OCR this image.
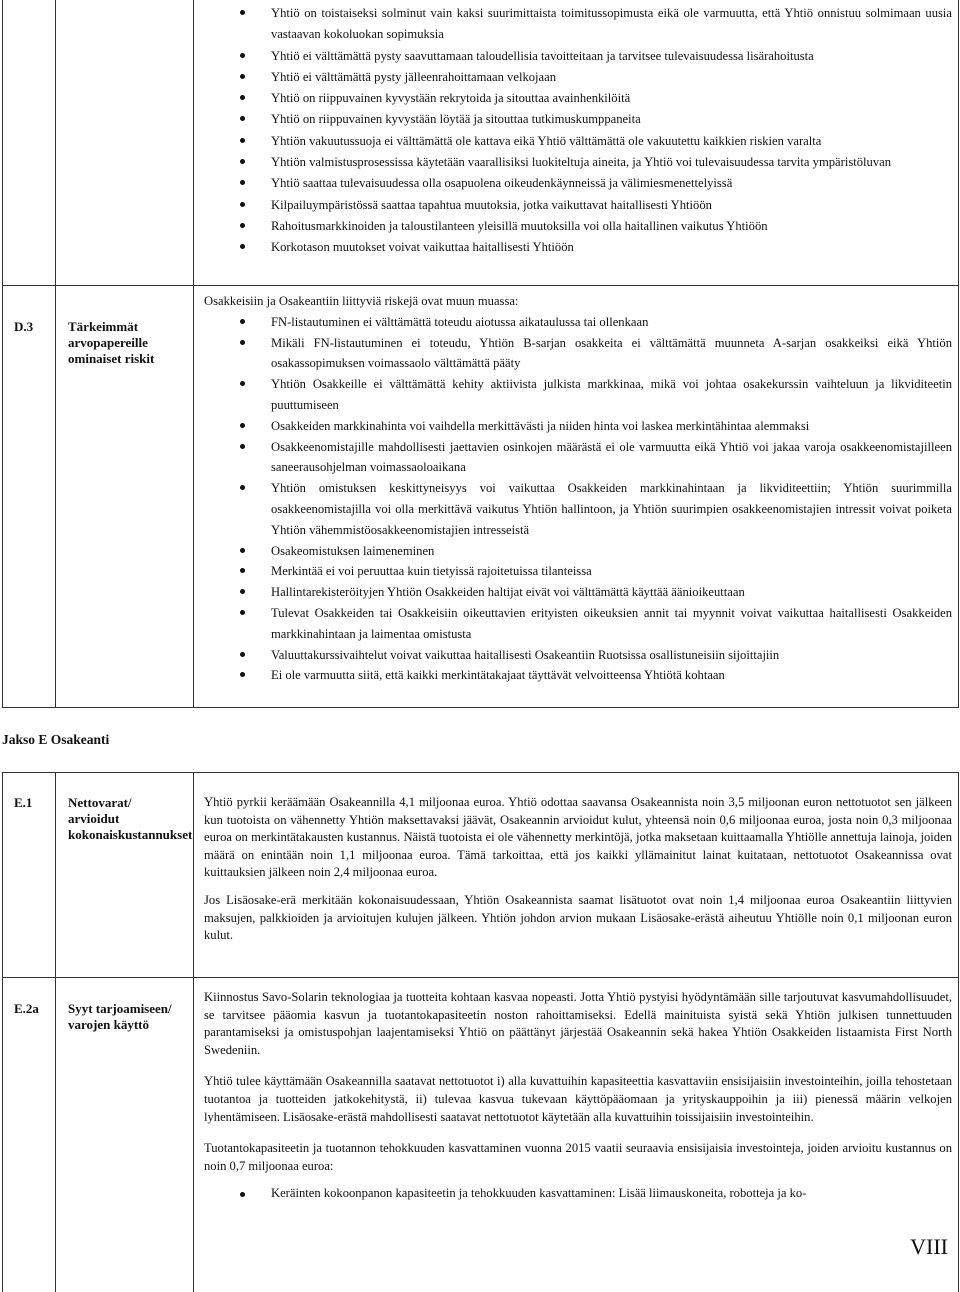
Yhtiö on toistaiseksi solminut vain kaksi suurimittaista toimitussopimusta eikä ole varmuutta, että Yhtiö onnistuu solmimaan uusia vastaavan kokoluokan sopimuksia
Yhtiö ei välttämättä pysty saavuttamaan taloudellisia tavoitteitaan ja tarvitsee tulevaisuudessa lisärahoitusta
Yhtiö ei välttämättä pysty jälleenrahoittamaan velkojaan
Yhtiö on riippuvainen kyvystään rekrytoida ja sitouttaa avainhenkilöitä
Yhtiö on riippuvainen kyvystään löytää ja sitouttaa tutkimuskumppaneita
Yhtiön vakuutussuoja ei välttämättä ole kattava eikä Yhtiö välttämättä ole vakuutettu kaikkien riskien varalta
Yhtiön valmistusprosessissa käytetään vaarallisiksi luokiteltuja aineita, ja Yhtiö voi tulevaisuudessa tarvita ympäristöluvan
Yhtiö saattaa tulevaisuudessa olla osapuolena oikeudenkäynneissä ja välimiesmenettelyissä
Kilpailuympäristössä saattaa tapahtua muutoksia, jotka vaikuttavat haitallisesti Yhtiöön
Rahoitusmarkkinoiden ja taloustilanteen yleisillä muutoksilla voi olla haitallinen vaikutus Yhtiöön
Korkotason muutokset voivat vaikuttaa haitallisesti Yhtiöön
D.3	Tärkeimmät arvopapereille ominaiset riskit

Osakkeisiin ja Osakeantiin liittyviä riskejä ovat muun muassa:

FN-listautuminen ei välttämättä toteudu aiotussa aikataulussa tai ollenkaan
Mikäli FN-listautuminen ei toteudu, Yhtiön B-sarjan osakkeita ei välttämättä muunneta A-sarjan osakkeiksi eikä Yhtiön osakassopimuksen voimassaolo välttämättä pääty
Yhtiön Osakkeille ei välttämättä kehity aktiivista julkista markkinaa, mikä voi johtaa osakekurssin vaihteluun ja likviditeetin puuttumiseen
Osakkeiden markkinahinta voi vaihdella merkittävästi ja niiden hinta voi laskea merkintähintaa alemmaksi
Osakkeenomistajille mahdollisesti jaettavien osinkojen määrästä ei ole varmuutta eikä Yhtiö voi jakaa varoja osakkeenomistajilleen saneerausohjelman voimassaoloaikana
Yhtiön omistuksen keskittyneisyys voi vaikuttaa Osakkeiden markkinahintaan ja likviditeettiin; Yhtiön suurimmilla osakkeenomistajilla voi olla merkittävä vaikutus Yhtiön hallintoon, ja Yhtiön suurimpien osakkeenomistajien intressit voivat poiketa Yhtiön vähemmistöosakkeenomistajien intresseistä
Osakeomistuksen laimeneminen
Merkintää ei voi peruuttaa kuin tietyissä rajoitetuissa tilanteissa
Hallintarekisteröityjen Yhtiön Osakkeiden haltijat eivät voi välttämättä käyttää äänioikeuttaan
Tulevat Osakkeiden tai Osakkeisiin oikeuttavien erityisten oikeuksien annit tai myynnit voivat vaikuttaa haitallisesti Osakkeiden markkinahintaan ja laimentaa omistusta
Valuuttakurssivaihtelut voivat vaikuttaa haitallisesti Osakeantiin Ruotsissa osallistuneisiin sijoittajiin
Ei ole varmuutta siitä, että kaikki merkintätakajaat täyttävät velvoitteensa Yhtiötä kohtaan
Jakso E Osakeanti
E.1	Nettovarat/ arvioidut kokonaiskustannukset

Yhtiö pyrkii keräämään Osakeannilla 4,1 miljoonaa euroa. Yhtiö odottaa saavansa Osakeannista noin 3,5 miljoonan euron nettotuotot sen jälkeen kun tuotoista on vähennetty Yhtiön maksettavaksi jäävät, Osakeannin arvioidut kulut, yhteensä noin 0,6 miljoonaa euroa, josta noin 0,3 miljoonaa euroa on merkintätakausten kustannus. Näistä tuotoista ei ole vähennetty merkintöjä, jotka maksetaan kuittaamalla Yhtiölle annettuja lainoja, joiden määrä on enintään noin 1,1 miljoonaa euroa. Tämä tarkoittaa, että jos kaikki yllämainitut lainat kuitataan, nettotuotot Osakeannissa ovat kuittauksien jälkeen noin 2,4 miljoonaa euroa.

Jos Lisäosake-erä merkitään kokonaisuudessaan, Yhtiön Osakeannista saamat lisätuotot ovat noin 1,4 miljoonaa euroa Osakeantiin liittyvien maksujen, palkkioiden ja arvioitujen kulujen jälkeen. Yhtiön johdon arvion mukaan Lisäosake-erästä aiheutuu Yhtiölle noin 0,1 miljoonan euron kulut.

E.2a Syyt tarjoamiseen/ varojen käyttö

Kiinnostus Savo-Solarin teknologiaa ja tuotteita kohtaan kasvaa nopeasti. Jotta Yhtiö pystyisi hyödyntämään sille tarjoutuvat kasvumahdollisuudet, se tarvitsee pääomia kasvun ja tuotantokapasiteetin noston rahoittamiseksi. Edellä mainituista syistä sekä Yhtiön julkisen tunnettuuden parantamiseksi ja omistuspohjan laajentamiseksi Yhtiö on päättänyt järjestää Osakeannin sekä hakea Yhtiön Osakkeiden listaamista First North Swedeniin.

Yhtiö tulee käyttämään Osakeannilla saatavat nettotuotot i) alla kuvattuihin kapasiteettia kasvattaviin ensisijaisiin investointeihin, joilla tehostetaan tuotantoa ja tuotteiden jatkokehitystä, ii) tulevaa kasvua tukevaan käyttöpääomaan ja yrityskauppoihin ja iii) pienessä määrin velkojen lyhentämiseen. Lisäosake-erästä mahdollisesti saatavat nettotuotot käytetään alla kuvattuihin toissijaisiin investointeihin.

Tuotantokapasiteetin ja tuotannon tehokkuuden kasvattaminen vuonna 2015 vaatii seuraavia ensisijaisia investointeja, joiden arvioitu kustannus on noin 0,7 miljoonaa euroa:

Keräinten kokoonpanon kapasiteetin ja tehokkuuden kasvattaminen: Lisää liimauskoneita, robotteja ja ko-
VIII
